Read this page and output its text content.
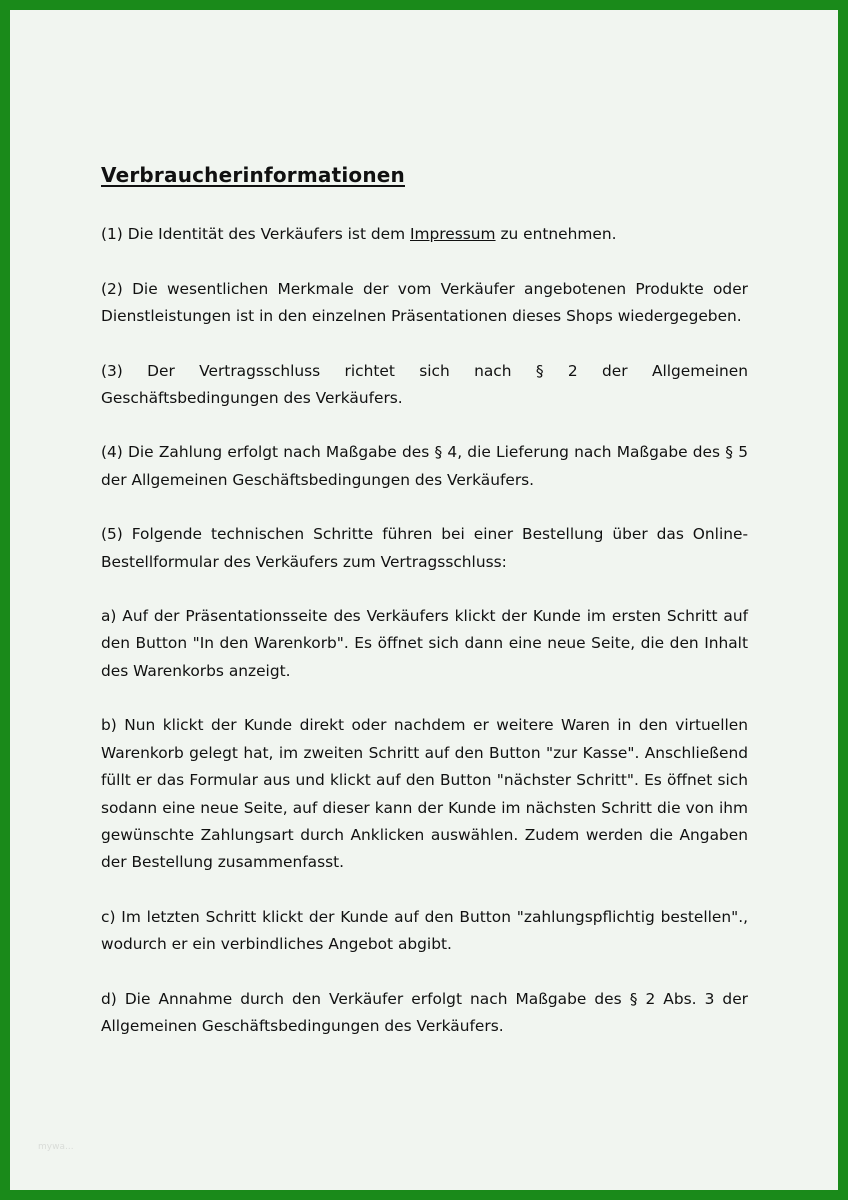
Verbraucherinformationen
(1) Die Identität des Verkäufers ist dem Impressum zu entnehmen.
(2) Die wesentlichen Merkmale der vom Verkäufer angebotenen Produkte oder Dienstleistungen ist in den einzelnen Präsentationen dieses Shops wiedergegeben.
(3) Der Vertragsschluss richtet sich nach § 2 der Allgemeinen Geschäftsbedingungen des Verkäufers.
(4) Die Zahlung erfolgt nach Maßgabe des § 4, die Lieferung nach Maßgabe des § 5 der Allgemeinen Geschäftsbedingungen des Verkäufers.
(5) Folgende technischen Schritte führen bei einer Bestellung über das Online-Bestellformular des Verkäufers zum Vertragsschluss:
a) Auf der Präsentationsseite des Verkäufers klickt der Kunde im ersten Schritt auf den Button "In den Warenkorb". Es öffnet sich dann eine neue Seite, die den Inhalt des Warenkorbs anzeigt.
b) Nun klickt der Kunde direkt oder nachdem er weitere Waren in den virtuellen Warenkorb gelegt hat, im zweiten Schritt auf den Button "zur Kasse". Anschließend füllt er das Formular aus und klickt auf den Button "nächster Schritt". Es öffnet sich sodann eine neue Seite, auf dieser kann der Kunde im nächsten Schritt die von ihm gewünschte Zahlungsart durch Anklicken auswählen. Zudem werden die Angaben der Bestellung zusammenfasst.
c) Im letzten Schritt klickt der Kunde auf den Button "zahlungspflichtig bestellen"., wodurch er ein verbindliches Angebot abgibt.
d) Die Annahme durch den Verkäufer erfolgt nach Maßgabe des § 2 Abs. 3 der Allgemeinen Geschäftsbedingungen des Verkäufers.
mywa...
